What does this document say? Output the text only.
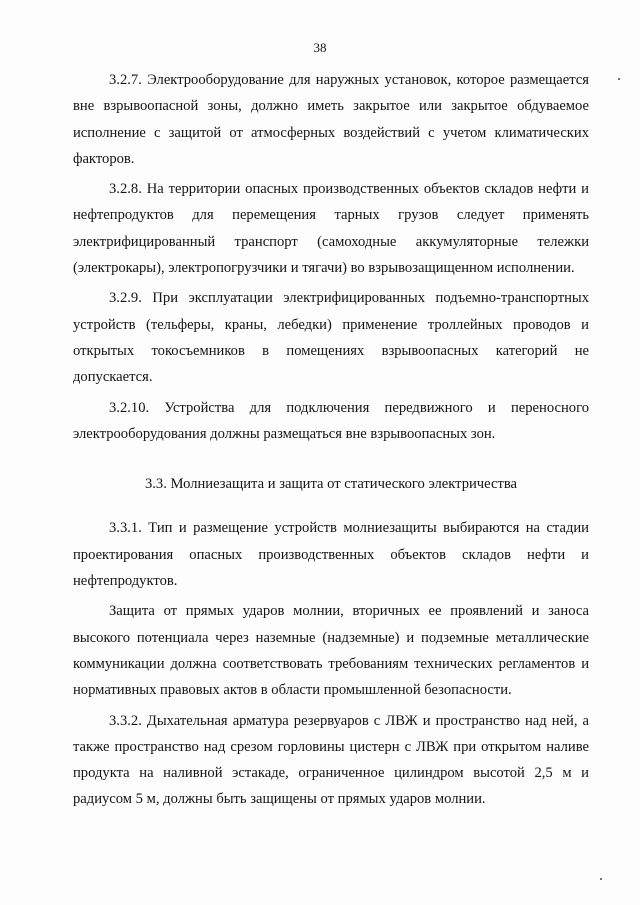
38

3.2.7. Электрооборудование для наружных установок, которое размещается вне взрывоопасной зоны, должно иметь закрытое или закрытое обдуваемое исполнение с защитой от атмосферных воздействий с учетом климатических факторов.

3.2.8. На территории опасных производственных объектов складов нефти и нефтепродуктов для перемещения тарных грузов следует применять электрифицированный транспорт (самоходные аккумуляторные тележки (электрокары), электропогрузчики и тягачи) во взрывозащищенном исполнении.

3.2.9. При эксплуатации электрифицированных подъемно-транспортных устройств (тельферы, краны, лебедки) применение троллейных проводов и открытых токосъемников в помещениях взрывоопасных категорий не допускается.

3.2.10. Устройства для подключения передвижного и переносного электрооборудования должны размещаться вне взрывоопасных зон.

3.3. Молниезащита и защита от статического электричества

3.3.1. Тип и размещение устройств молниезащиты выбираются на стадии проектирования опасных производственных объектов складов нефти и нефтепродуктов.

Защита от прямых ударов молнии, вторичных ее проявлений и заноса высокого потенциала через наземные (надземные) и подземные металлические коммуникации должна соответствовать требованиям технических регламентов и нормативных правовых актов в области промышленной безопасности.

3.3.2. Дыхательная арматура резервуаров с ЛВЖ и пространство над ней, а также пространство над срезом горловины цистерн с ЛВЖ при открытом наливе продукта на наливной эстакаде, ограниченное цилиндром высотой 2,5 м и радиусом 5 м, должны быть защищены от прямых ударов молнии.
